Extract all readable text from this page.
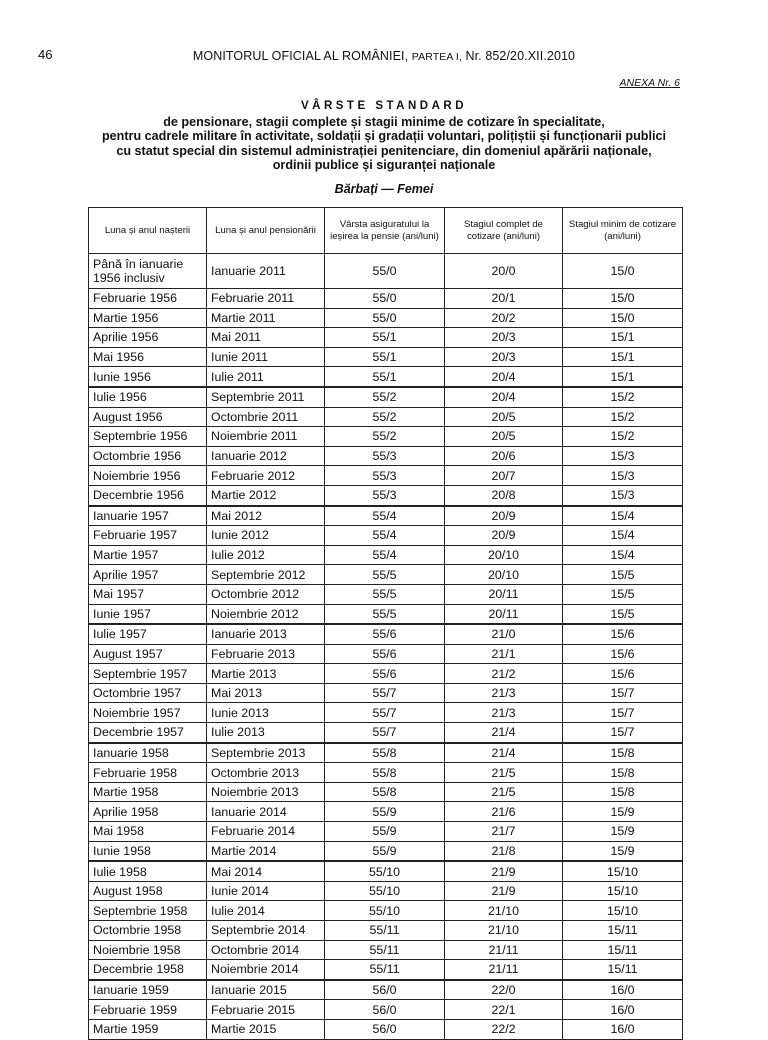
46	MONITORUL OFICIAL AL ROMÂNIEI, PARTEA I, Nr. 852/20.XII.2010
ANEXA Nr. 6
VÂRSTE STANDARD
de pensionare, stagii complete și stagii minime de cotizare în specialitate,
pentru cadrele militare în activitate, soldații și gradații voluntari, polițiștii și funcționarii publici
cu statut special din sistemul administrației penitenciare, din domeniul apărării naționale,
ordinii publice și siguranței naționale
Bărbați — Femei
Luna și anul nașterii	Luna și anul pensionării	Vârsta asiguratului la ieșirea la pensie (ani/luni)	Stagiul complet de cotizare (ani/luni)	Stagiul minim de cotizare (ani/luni)
Până în ianuarie 1956 inclusiv	Ianuarie 2011	55/0	20/0	15/0
Februarie 1956	Februarie 2011	55/0	20/1	15/0
Martie 1956	Martie 2011	55/0	20/2	15/0
Aprilie 1956	Mai 2011	55/1	20/3	15/1
Mai 1956	Iunie 2011	55/1	20/3	15/1
Iunie 1956	Iulie 2011	55/1	20/4	15/1
Iulie 1956	Septembrie 2011	55/2	20/4	15/2
August 1956	Octombrie 2011	55/2	20/5	15/2
Septembrie 1956	Noiembrie 2011	55/2	20/5	15/2
Octombrie 1956	Ianuarie 2012	55/3	20/6	15/3
Noiembrie 1956	Februarie 2012	55/3	20/7	15/3
Decembrie 1956	Martie 2012	55/3	20/8	15/3
Ianuarie 1957	Mai 2012	55/4	20/9	15/4
Februarie 1957	Iunie 2012	55/4	20/9	15/4
Martie 1957	Iulie 2012	55/4	20/10	15/4
Aprilie 1957	Septembrie 2012	55/5	20/10	15/5
Mai 1957	Octombrie 2012	55/5	20/11	15/5
Iunie 1957	Noiembrie 2012	55/5	20/11	15/5
Iulie 1957	Ianuarie 2013	55/6	21/0	15/6
August 1957	Februarie 2013	55/6	21/1	15/6
Septembrie 1957	Martie 2013	55/6	21/2	15/6
Octombrie 1957	Mai 2013	55/7	21/3	15/7
Noiembrie 1957	Iunie 2013	55/7	21/3	15/7
Decembrie 1957	Iulie 2013	55/7	21/4	15/7
Ianuarie 1958	Septembrie 2013	55/8	21/4	15/8
Februarie 1958	Octombrie 2013	55/8	21/5	15/8
Martie 1958	Noiembrie 2013	55/8	21/5	15/8
Aprilie 1958	Ianuarie 2014	55/9	21/6	15/9
Mai 1958	Februarie 2014	55/9	21/7	15/9
Iunie 1958	Martie 2014	55/9	21/8	15/9
Iulie 1958	Mai 2014	55/10	21/9	15/10
August 1958	Iunie 2014	55/10	21/9	15/10
Septembrie 1958	Iulie 2014	55/10	21/10	15/10
Octombrie 1958	Septembrie 2014	55/11	21/10	15/11
Noiembrie 1958	Octombrie 2014	55/11	21/11	15/11
Decembrie 1958	Noiembrie 2014	55/11	21/11	15/11
Ianuarie 1959	Ianuarie 2015	56/0	22/0	16/0
Februarie 1959	Februarie 2015	56/0	22/1	16/0
Martie 1959	Martie 2015	56/0	22/2	16/0
